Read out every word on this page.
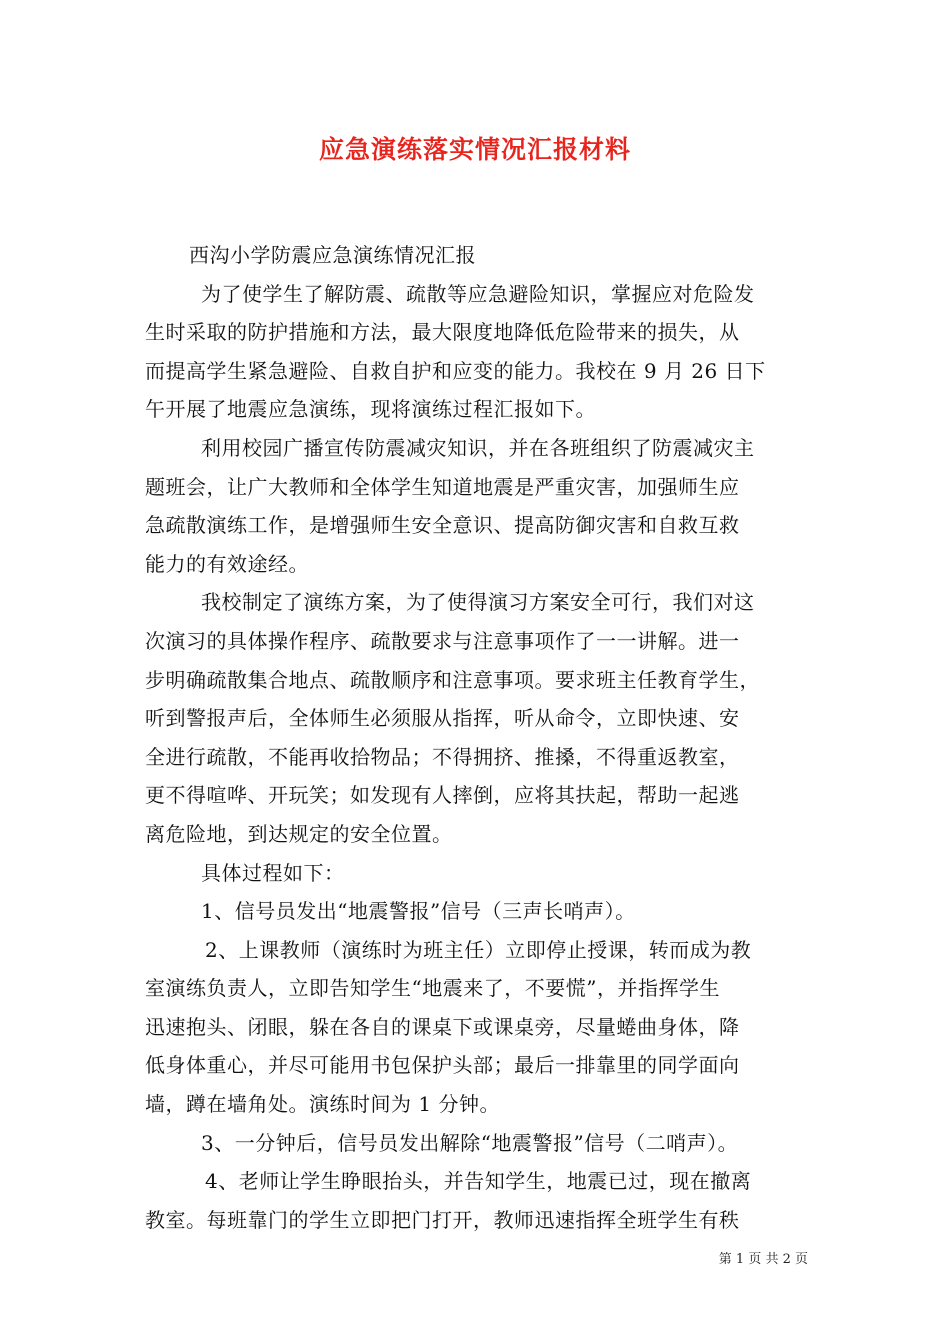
应急演练落实情况汇报材料
西沟小学防震应急演练情况汇报
为了使学生了解防震、疏散等应急避险知识，掌握应对危险发
生时采取的防护措施和方法，最大限度地降低危险带来的损失，从
而提高学生紧急避险、自救自护和应变的能力。我校在 9 月 26 日下
午开展了地震应急演练，现将演练过程汇报如下。
利用校园广播宣传防震减灾知识，并在各班组织了防震减灾主
题班会，让广大教师和全体学生知道地震是严重灾害，加强师生应
急疏散演练工作，是增强师生安全意识、提高防御灾害和自救互救
能力的有效途经。
我校制定了演练方案，为了使得演习方案安全可行，我们对这
次演习的具体操作程序、疏散要求与注意事项作了一一讲解。进一
步明确疏散集合地点、疏散顺序和注意事项。要求班主任教育学生，
听到警报声后，全体师生必须服从指挥，听从命令，立即快速、安
全进行疏散，不能再收拾物品；不得拥挤、推搡，不得重返教室，
更不得喧哗、开玩笑；如发现有人摔倒，应将其扶起，帮助一起逃
离危险地，到达规定的安全位置。
具体过程如下：
1、信号员发出“地震警报”信号（三声长哨声）。
2、上课教师（演练时为班主任）立即停止授课，转而成为教
室演练负责人，立即告知学生“地震来了，不要慌”，并指挥学生
迅速抱头、闭眼，躲在各自的课桌下或课桌旁，尽量蜷曲身体，降
低身体重心，并尽可能用书包保护头部；最后一排靠里的同学面向
墙，蹲在墙角处。演练时间为 1 分钟。
3、一分钟后，信号员发出解除“地震警报”信号（二哨声）。
4、老师让学生睁眼抬头，并告知学生，地震已过，现在撤离
教室。每班靠门的学生立即把门打开，教师迅速指挥全班学生有秩
第 1 页 共 2 页
